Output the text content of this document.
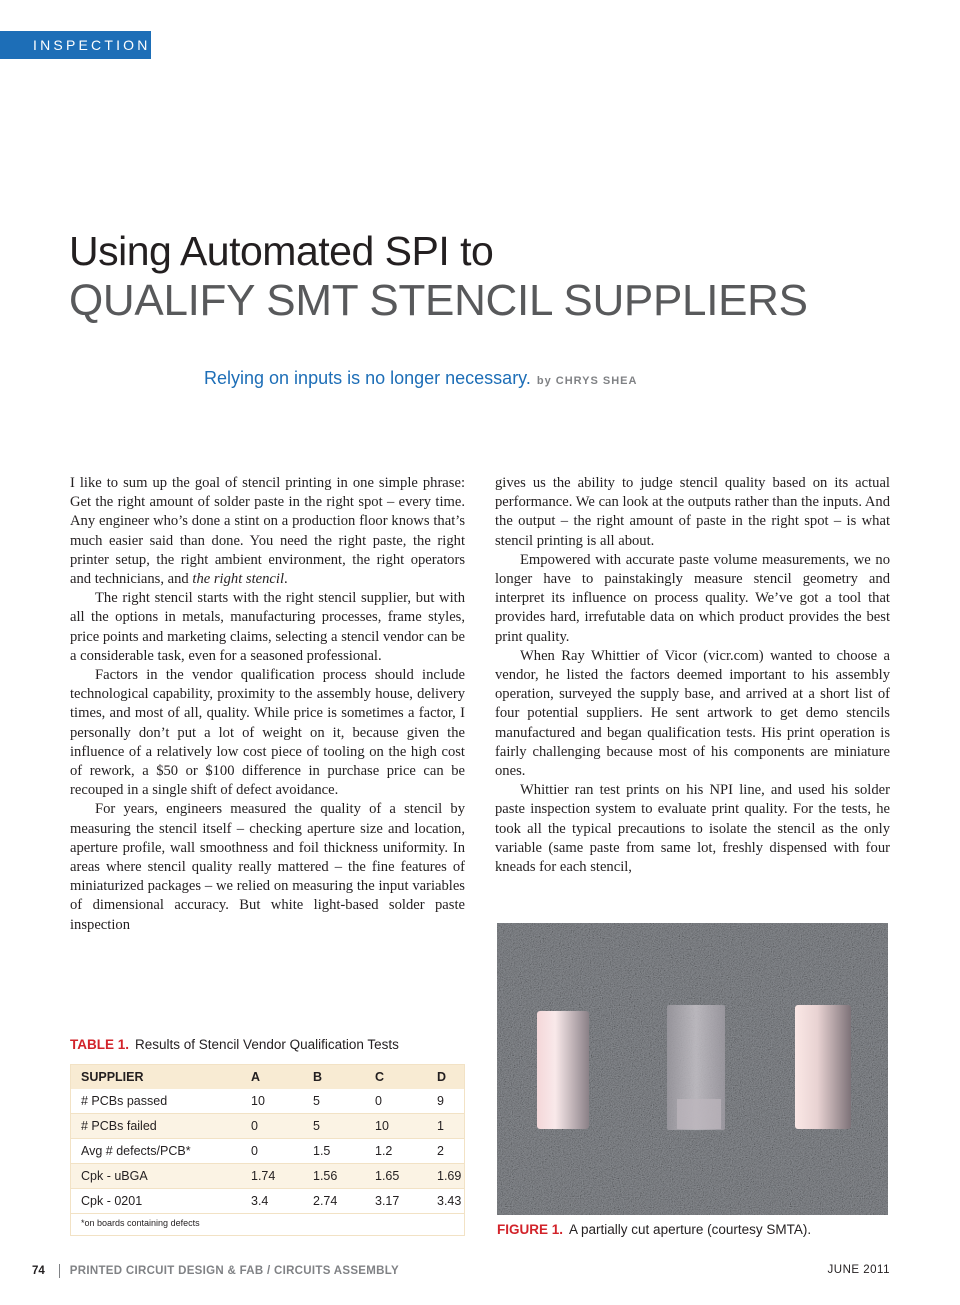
INSPECTION
Using Automated SPI to
QUALIFY SMT STENCIL SUPPLIERS
Relying on inputs is no longer necessary. by CHRYS SHEA

I like to sum up the goal of stencil printing in one simple phrase: Get the right amount of solder paste in the right spot – every time. Any engineer who’s done a stint on a production floor knows that’s much easier said than done. You need the right paste, the right printer setup, the right ambient environment, the right operators and technicians, and the right stencil.

The right stencil starts with the right stencil supplier, but with all the options in metals, manufacturing processes, frame styles, price points and marketing claims, selecting a stencil vendor can be a considerable task, even for a seasoned professional.

Factors in the vendor qualification process should include technological capability, proximity to the assembly house, delivery times, and most of all, quality. While price is sometimes a factor, I personally don’t put a lot of weight on it, because given the influence of a relatively low cost piece of tooling on the high cost of rework, a $50 or $100 difference in purchase price can be recouped in a single shift of defect avoidance.

For years, engineers measured the quality of a stencil by measuring the stencil itself – checking aperture size and location, aperture profile, wall smoothness and foil thickness uniformity. In areas where stencil quality really mattered – the fine features of miniaturized packages – we relied on measuring the input variables of dimensional accuracy. But white light-based solder paste inspection

gives us the ability to judge stencil quality based on its actual performance. We can look at the outputs rather than the inputs. And the output – the right amount of paste in the right spot – is what stencil printing is all about.

Empowered with accurate paste volume measurements, we no longer have to painstakingly measure stencil geometry and interpret its influence on process quality. We’ve got a tool that provides hard, irrefutable data on which product provides the best print quality.

When Ray Whittier of Vicor (vicr.com) wanted to choose a vendor, he listed the factors deemed important to his assembly operation, surveyed the supply base, and arrived at a short list of four potential suppliers. He sent artwork to get demo stencils manufactured and began qualification tests. His print operation is fairly challenging because most of his components are miniature ones.

Whittier ran test prints on his NPI line, and used his solder paste inspection system to evaluate print quality. For the tests, he took all the typical precautions to isolate the stencil as the only variable (same paste from same lot, freshly dispensed with four kneads for each stencil,

TABLE 1. Results of Stencil Vendor Qualification Tests
SUPPLIER	A	B	C	D
# PCBs passed	10	5	0	9
# PCBs failed	0	5	10	1
Avg # defects/PCB*	0	1.5	1.2	2
Cpk - uBGA	1.74	1.56	1.65	1.69
Cpk - 0201	3.4	2.74	3.17	3.43
*on boards containing defects	FIGURE 1. A partially cut aperture (courtesy SMTA).
74 PRINTED CIRCUIT DESIGN & FAB / CIRCUITS ASSEMBLY	JUNE 2011
